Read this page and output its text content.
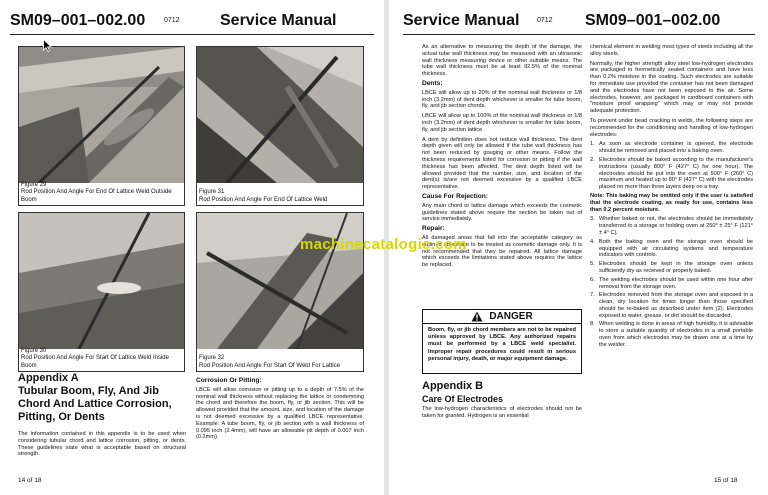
SM09–001–002.00	0712	Service Manual
Figure 29
Rod Position And Angle For End Of Lattice Weld Outside Boom
Figure 31
Rod Position And Angle For End Of Lattice Weld
Figure 30
Rod Position And Angle For Start Of Lattice Weld Inside Boom
Figure 32
Rod Position And Angle For Start Of Weld For Lattice
Appendix A
Tubular Boom, Fly, And Jib Chord And Lattice Corrosion, Pitting, Or Dents
The information contained in this appendix is to be used when considering tubular chord and lattice corrosion, pitting, or dents. These guidelines state what is acceptable based on structural strength.
Corrosion Or Pitting:

LBCE will allow corrosion or pitting up to a depth of 7.5% of the nominal wall thickness without replacing the lattice or condemning the chord and therefore the boom, fly, or jib section. This will be allowed provided that the amount, size, and location of the damage is not deemed excessive by a qualified LBCE representative. Example: A tube boom, fly, or jib section with a wall thickness of 0.095 inch (2.4mm), will have an allowable pit depth of 0.007 inch (0.2mm).

14 of 18
Service Manual	0712 SM09–001–002.00

As an alternative to measuring the depth of the damage, the actual tube wall thickness may be measured with an ultrasonic wall thickness measuring device or other suitable means. The tube wall thickness must be at least 92.5% of the nominal thickness.

Dents:

LBCE will allow up to 20% of the nominal wall thickness or 1/8 inch (3.2mm) of dent depth whichever is smaller for tube boom, fly, and jib section chords.

LBCE will allow up to 100% of the nominal wall thickness or 1/8 inch (3.2mm) of dent depth whichever is smaller for tube boom, fly, and jib section lattice.

A dent by definition does not reduce wall thickness. The dent depth given will only be allowed if the tube wall thickness has not been reduced by gouging or other means. Follow the thickness requirements listed for corrosion or pitting if the wall thickness has been affected. The dent depth listed will be allowed provided that the number, size, and location of the dent(s) is/are not deemed excessive by a qualified LBCE representative.

Cause For Rejection:

Any main chord or lattice damage which exceeds the cosmetic guidelines stated above require the section be taken out of service immediately.

Repair:

All damaged areas that fall into the acceptable category as outlined above are to be treated as cosmetic damage only. It is not recommended that they be repaired. All lattice damage which exceeds the limitations stated above requires the lattice be replaced.

DANGER
Boom, fly, or jib chord members are not to be repaired unless approved by LBCE. Any authorized repairs must be performed by a LBCE weld specialist. Improper repair procedures could result in serious personal injury, death, or major equipment damage.
Appendix B
Care Of Electrodes
The low-hydrogen characteristics of electrodes should not be taken for granted. Hydrogen is an essential

chemical element in welding most types of steels including all the alloy steels.

Normally, the higher strength alloy steel low-hydrogen electrodes are packaged in hermetically sealed containers and have less than 0.2% moisture in the coating. Such electrodes are suitable for immediate use provided the container has not been damaged and the electrodes have not been exposed to the air. Some electrodes, however, are packaged in cardboard containers with "moisture proof wrapping" which may or may not provide adequate protection.

To prevent under bead cracking in welds, the following steps are recommended for the conditioning and handling of low-hydrogen electrodes:

1. As soon as electrode container is opened, the electrode should be removed and placed into a baking oven.
2. Electrodes should be baked according to the manufacturer's instructions (usually 800° F (427° C) for one hour). The electrodes should be put into the oven at 500° F (260° C) maximum and heated up to 80° F (427° C) with the electrodes placed no more than three layers deep on a tray.

Note: This baking may be omitted only if the user is satisfied that the electrode coating, as ready for use, contains less than 0.2 percent moisture.

3. Whether baked or not, the electrodes should be immediately transferred to a storage or holding oven at 250° ± 25° F (121° ± 4° C).
4. Both the baking oven and the storage oven should be equipped with air circulating systems and temperature indicators with controls.
5. Electrodes should be kept in the storage oven unless sufficiently dry as received or properly baked.
6. The welding electrodes should be used within one hour after removal from the storage oven.
7. Electrodes removed from the storage oven and exposed in a clean, dry location for times longer than those specified should be re-baked as described under item (2). Electrodes exposed to water, grease, or dirt should be discarded.
8. When welding is done in areas of high humidity, it is advisable to store a suitable quantity of electrodes in a small portable oven from which electrodes may be drawn one at a time by the welder.
15 of 18
machinecatalogic.com
